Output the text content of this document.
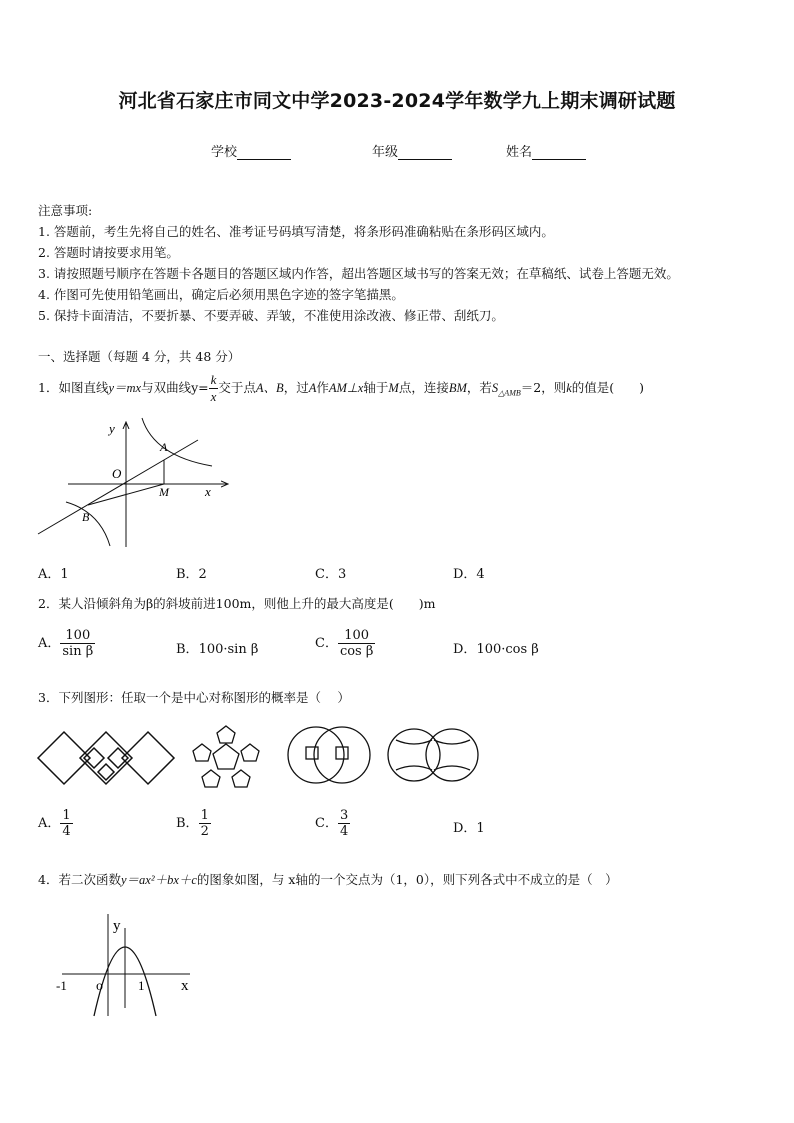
河北省石家庄市同文中学2023-2024学年数学九上期末调研试题
学校	年级	姓名
注意事项:
1. 答题前，考生先将自己的姓名、准考证号码填写清楚，将条形码准确粘贴在条形码区域内。
2. 答题时请按要求用笔。
3. 请按照题号顺序在答题卡各题目的答题区域内作答，超出答题区域书写的答案无效；在草稿纸、试卷上答题无效。
4. 作图可先使用铅笔画出，确定后必须用黑色字迹的签字笔描黑。
5. 保持卡面清洁，不要折暴、不要弄破、弄皱，不准使用涂改液、修正带、刮纸刀。
一、选择题（每题 4 分，共 48 分）
1．如图直线y＝mx与双曲线$y= \frac{k}{x}$ 交于点A、B，过A作AM⊥x轴于M点，连接BM，若$S_{\triangle AMB}=2$，则k的值是(　　)
y
x
O
A
M
B
A．1	B．2	C．3	D．4
2．某人沿倾斜角为β的斜坡前进100m，则他上升的最大高度是(　　)m
A． $\frac{100}{\text{sin β}}$	B．100·sin β	C． $\frac{100}{\text{cos β}}$	D．100·cos β
3．下列图形：任取一个是中心对称图形的概率是（　 ）
A． $\frac{1}{4}$	B． $\frac{1}{2}$	C． $\frac{3}{4}$	D．1
4．若二次函数y＝ax²＋bx＋c的图象如图，与 x轴的一个交点为（1，0），则下列各式中不成立的是（　）
y
x
o
-1	1
